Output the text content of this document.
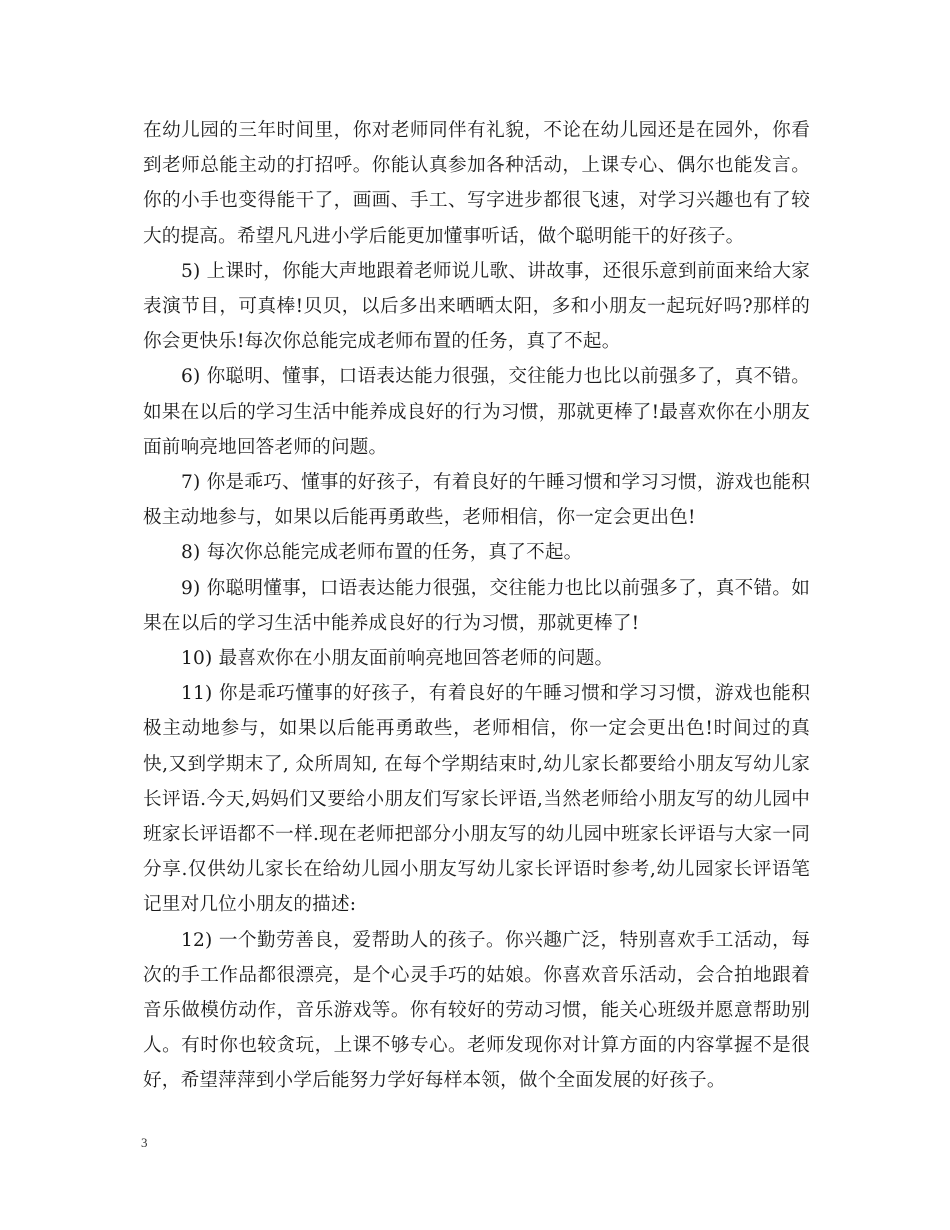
在幼儿园的三年时间里，你对老师同伴有礼貌，不论在幼儿园还是在园外，你看到老师总能主动的打招呼。你能认真参加各种活动，上课专心、偶尔也能发言。你的小手也变得能干了，画画、手工、写字进步都很飞速，对学习兴趣也有了较大的提高。希望凡凡进小学后能更加懂事听话，做个聪明能干的好孩子。

5) 上课时，你能大声地跟着老师说儿歌、讲故事，还很乐意到前面来给大家表演节目，可真棒!贝贝，以后多出来晒晒太阳，多和小朋友一起玩好吗?那样的你会更快乐!每次你总能完成老师布置的任务，真了不起。

6) 你聪明、懂事，口语表达能力很强，交往能力也比以前强多了，真不错。如果在以后的学习生活中能养成良好的行为习惯，那就更棒了!最喜欢你在小朋友面前响亮地回答老师的问题。

7) 你是乖巧、懂事的好孩子，有着良好的午睡习惯和学习习惯，游戏也能积极主动地参与，如果以后能再勇敢些，老师相信，你一定会更出色!

8) 每次你总能完成老师布置的任务，真了不起。

9) 你聪明懂事，口语表达能力很强，交往能力也比以前强多了，真不错。如果在以后的学习生活中能养成良好的行为习惯，那就更棒了!

10) 最喜欢你在小朋友面前响亮地回答老师的问题。

11) 你是乖巧懂事的好孩子，有着良好的午睡习惯和学习习惯，游戏也能积极主动地参与，如果以后能再勇敢些，老师相信，你一定会更出色!时间过的真快,又到学期末了, 众所周知, 在每个学期结束时,幼儿家长都要给小朋友写幼儿家长评语.今天,妈妈们又要给小朋友们写家长评语,当然老师给小朋友写的幼儿园中班家长评语都不一样.现在老师把部分小朋友写的幼儿园中班家长评语与大家一同分享.仅供幼儿家长在给幼儿园小朋友写幼儿家长评语时参考,幼儿园家长评语笔记里对几位小朋友的描述:

12) 一个勤劳善良，爱帮助人的孩子。你兴趣广泛，特别喜欢手工活动，每次的手工作品都很漂亮，是个心灵手巧的姑娘。你喜欢音乐活动，会合拍地跟着音乐做模仿动作，音乐游戏等。你有较好的劳动习惯，能关心班级并愿意帮助别人。有时你也较贪玩，上课不够专心。老师发现你对计算方面的内容掌握不是很好，希望萍萍到小学后能努力学好每样本领，做个全面发展的好孩子。

3
